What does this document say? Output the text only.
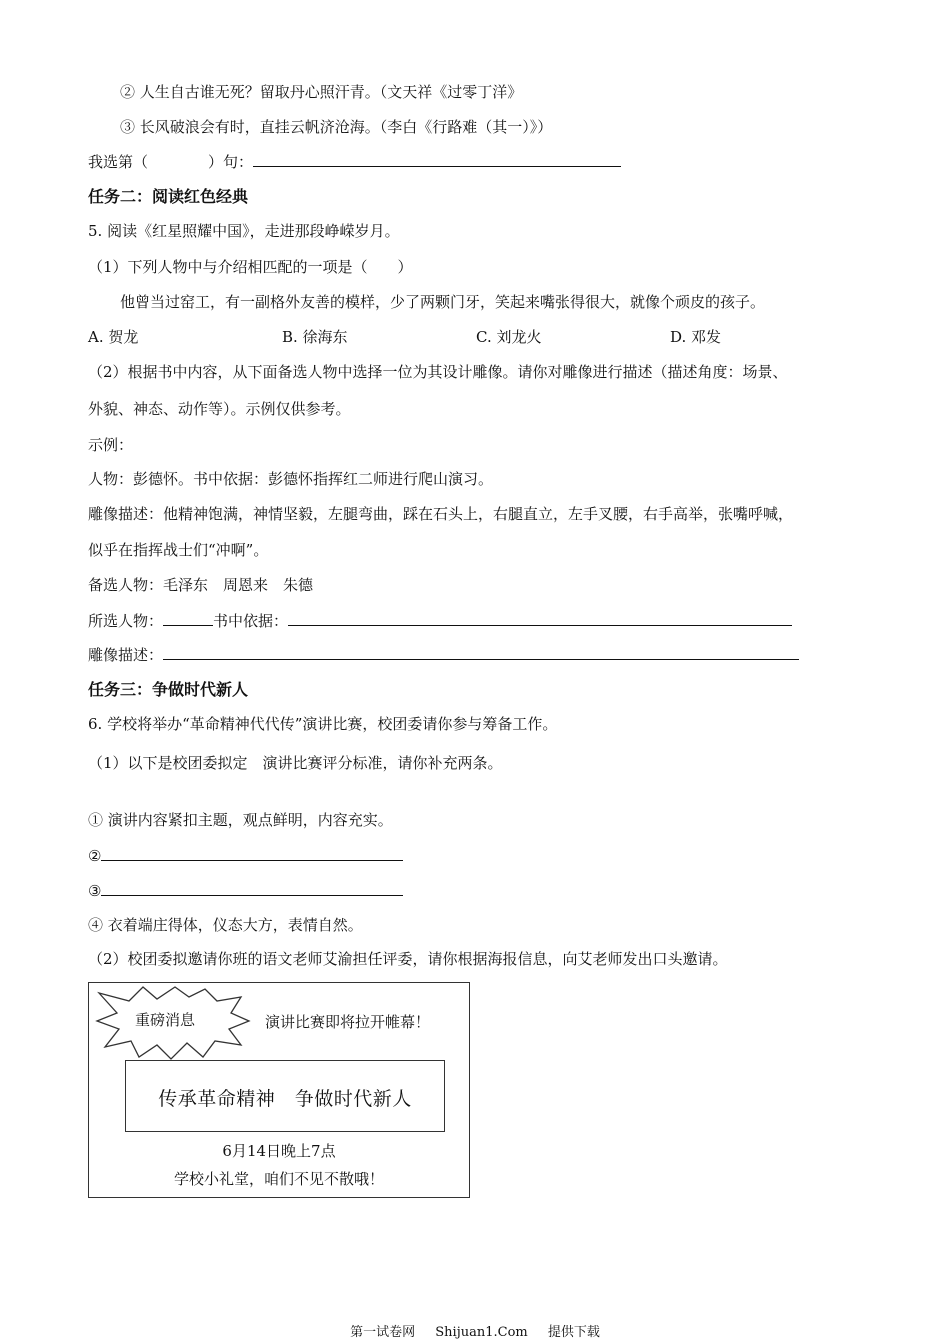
② 人生自古谁无死？留取丹心照汗青。（文天祥《过零丁洋》
③ 长风破浪会有时，直挂云帆济沧海。（李白《行路难（其一）》）
我选第（	）句：
任务二：阅读红色经典
5. 阅读《红星照耀中国》，走进那段峥嵘岁月。
（1）下列人物中与介绍相匹配的一项是（　　）
他曾当过窑工，有一副格外友善的模样，少了两颗门牙，笑起来嘴张得很大，就像个顽皮的孩子。
A. 贺龙	B. 徐海东	C. 刘龙火	D. 邓发
（2）根据书中内容，从下面备选人物中选择一位为其设计雕像。请你对雕像进行描述（描述角度：场景、
外貌、神态、动作等）。示例仅供参考。
示例：
人物：彭德怀。书中依据：彭德怀指挥红二师进行爬山演习。
雕像描述：他精神饱满，神情坚毅，左腿弯曲，踩在石头上，右腿直立，左手叉腰，右手高举，张嘴呼喊，
似乎在指挥战士们“冲啊”。
备选人物：毛泽东　周恩来　朱德
所选人物：	书中依据：
雕像描述：
任务三：争做时代新人
6. 学校将举办“革命精神代代传”演讲比赛，校团委请你参与筹备工作。
（1）以下是校团委拟定　演讲比赛评分标准，请你补充两条。
① 演讲内容紧扣主题，观点鲜明，内容充实。
②
③
④ 衣着端庄得体，仪态大方，表情自然。
（2）校团委拟邀请你班的语文老师艾渝担任评委，请你根据海报信息，向艾老师发出口头邀请。
重磅消息	演讲比赛即将拉开帷幕！
传承革命精神　争做时代新人
6月14日晚上7点
学校小礼堂，咱们不见不散哦！
第一试卷网 Shijuan1.Com 提供下载
